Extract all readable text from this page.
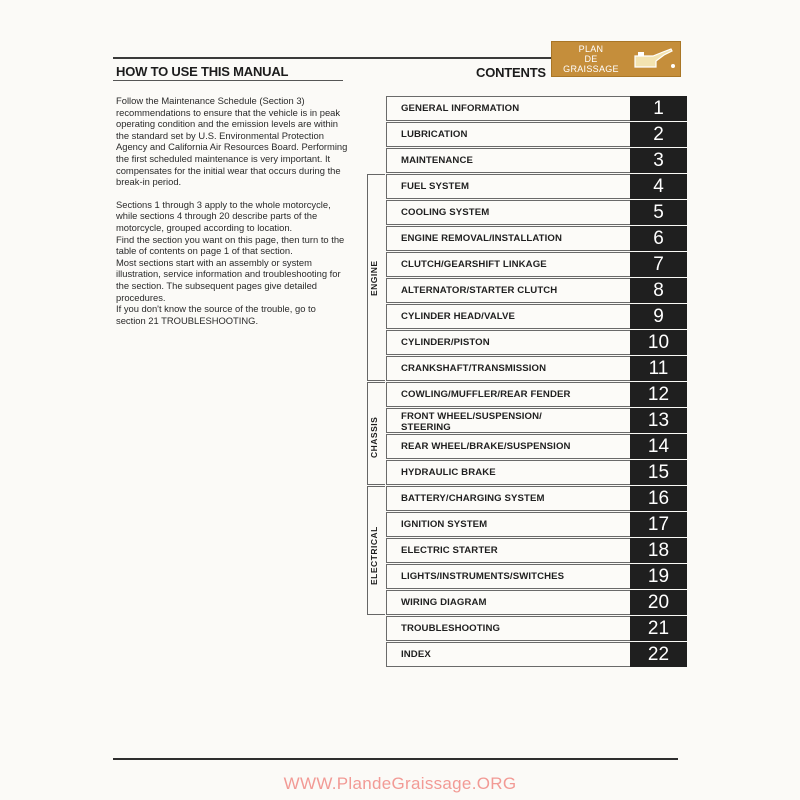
PLAN
DE
GRAISSAGE
HOW TO USE THIS MANUAL	CONTENTS

Follow the Maintenance Schedule (Section 3) recommendations to ensure that the vehicle is in peak operating condition and the emission levels are within the standard set by U.S. Environmental Protection Agency and California Air Resources Board. Performing the first scheduled maintenance is very important. It compensates for the initial wear that occurs during the break-in period.

Sections 1 through 3 apply to the whole motorcycle, while sections 4 through 20 describe parts of the motorcycle, grouped according to location.

Find the section you want on this page, then turn to the table of contents on page 1 of that section.

Most sections start with an assembly or system illustration, service information and troubleshooting for the section. The subsequent pages give detailed procedures.

If you don't know the source of the trouble, go to section 21 TROUBLESHOOTING.

ENGINE
CHASSIS
ELECTRICAL
GENERAL INFORMATION	1
LUBRICATION	2
MAINTENANCE	3
FUEL SYSTEM	4
COOLING SYSTEM	5
ENGINE REMOVAL/INSTALLATION	6
CLUTCH/GEARSHIFT LINKAGE	7
ALTERNATOR/STARTER CLUTCH	8
CYLINDER HEAD/VALVE	9
CYLINDER/PISTON	10
CRANKSHAFT/TRANSMISSION	11
COWLING/MUFFLER/REAR FENDER	12
FRONT WHEEL/SUSPENSION/
STEERING	13
REAR WHEEL/BRAKE/SUSPENSION	14
HYDRAULIC BRAKE	15
BATTERY/CHARGING SYSTEM	16
IGNITION SYSTEM	17
ELECTRIC STARTER	18
LIGHTS/INSTRUMENTS/SWITCHES	19
WIRING DIAGRAM	20
TROUBLESHOOTING	21
INDEX	22
WWW.PlandeGraissage.ORG
